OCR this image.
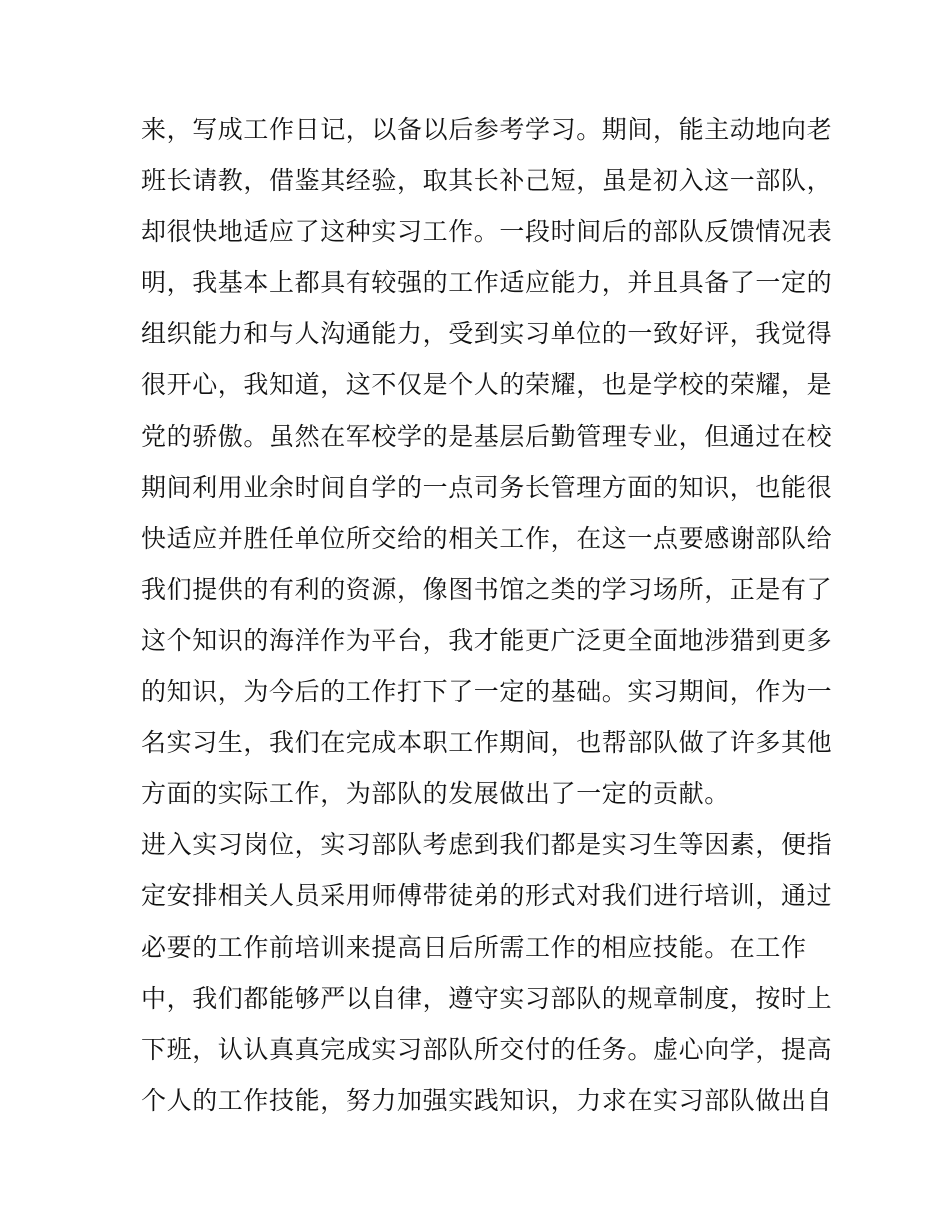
来，写成工作日记，以备以后参考学习。期间，能主动地向老
班长请教，借鉴其经验，取其长补己短，虽是初入这一部队，
却很快地适应了这种实习工作。一段时间后的部队反馈情况表
明，我基本上都具有较强的工作适应能力，并且具备了一定的
组织能力和与人沟通能力，受到实习单位的一致好评，我觉得
很开心，我知道，这不仅是个人的荣耀，也是学校的荣耀，是
党的骄傲。虽然在军校学的是基层后勤管理专业，但通过在校
期间利用业余时间自学的一点司务长管理方面的知识，也能很
快适应并胜任单位所交给的相关工作，在这一点要感谢部队给
我们提供的有利的资源，像图书馆之类的学习场所，正是有了
这个知识的海洋作为平台，我才能更广泛更全面地涉猎到更多
的知识，为今后的工作打下了一定的基础。实习期间，作为一
名实习生，我们在完成本职工作期间，也帮部队做了许多其他
方面的实际工作，为部队的发展做出了一定的贡献。
进入实习岗位，实习部队考虑到我们都是实习生等因素，便指
定安排相关人员采用师傅带徒弟的形式对我们进行培训，通过
必要的工作前培训来提高日后所需工作的相应技能。在工作
中，我们都能够严以自律，遵守实习部队的规章制度，按时上
下班，认认真真完成实习部队所交付的任务。虚心向学，提高
个人的工作技能，努力加强实践知识，力求在实习部队做出自
